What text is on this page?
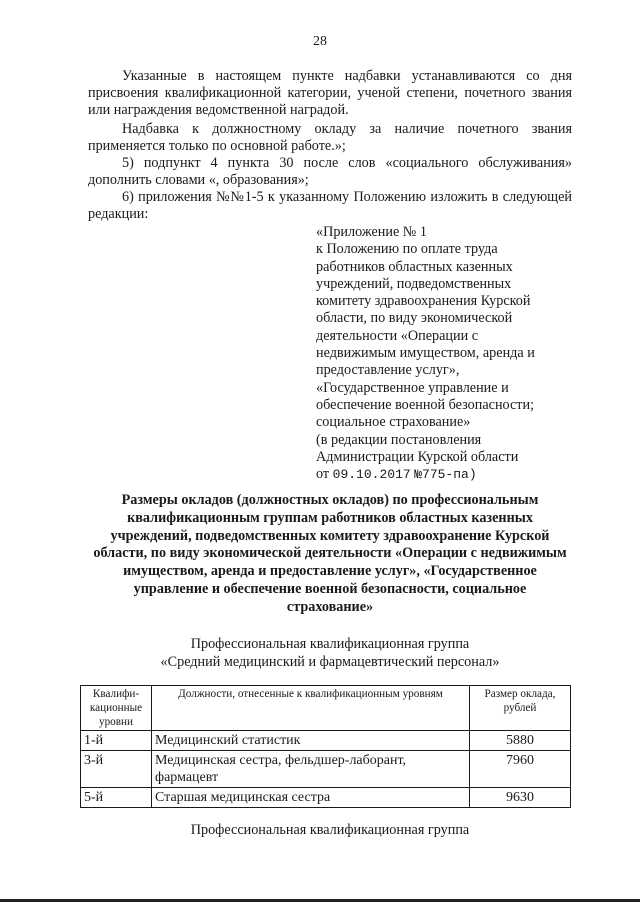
28
Указанные в настоящем пункте надбавки устанавливаются со дня присвоения квалификационной категории, ученой степени, почетного звания или награждения ведомственной наградой.
Надбавка к должностному окладу за наличие почетного звания применяется только по основной работе.»;
5) подпункт 4 пункта 30 после слов «социального обслуживания» дополнить словами «, образования»;
6) приложения №№1-5 к указанному Положению изложить в следующей редакции:
«Приложение № 1
к Положению по оплате труда
работников областных казенных
учреждений, подведомственных
комитету здравоохранения Курской
области, по виду экономической
деятельности «Операции с
недвижимым имуществом, аренда и
предоставление услуг»,
«Государственное управление и
обеспечение военной безопасности;
социальное страхование»
(в редакции постановления
Администрации Курской области
от 09.10.2017 №775-па)
Размеры окладов (должностных окладов) по профессиональным квалификационным группам работников областных казенных учреждений, подведомственных комитету здравоохранение Курской области, по виду экономической деятельности «Операции с недвижимым имуществом, аренда и предоставление услуг», «Государственное управление и обеспечение военной безопасности, социальное страхование»
Профессиональная квалификационная группа
«Средний медицинский и фармацевтический персонал»
Квалифи-кационные уровни	Должности, отнесенные к квалификационным уровням	Размер оклада, рублей
1-й	Медицинский статистик	5880
3-й	Медицинская сестра, фельдшер-лаборант, фармацевт	7960
5-й	Старшая медицинская сестра	9630
Профессиональная квалификационная группа
